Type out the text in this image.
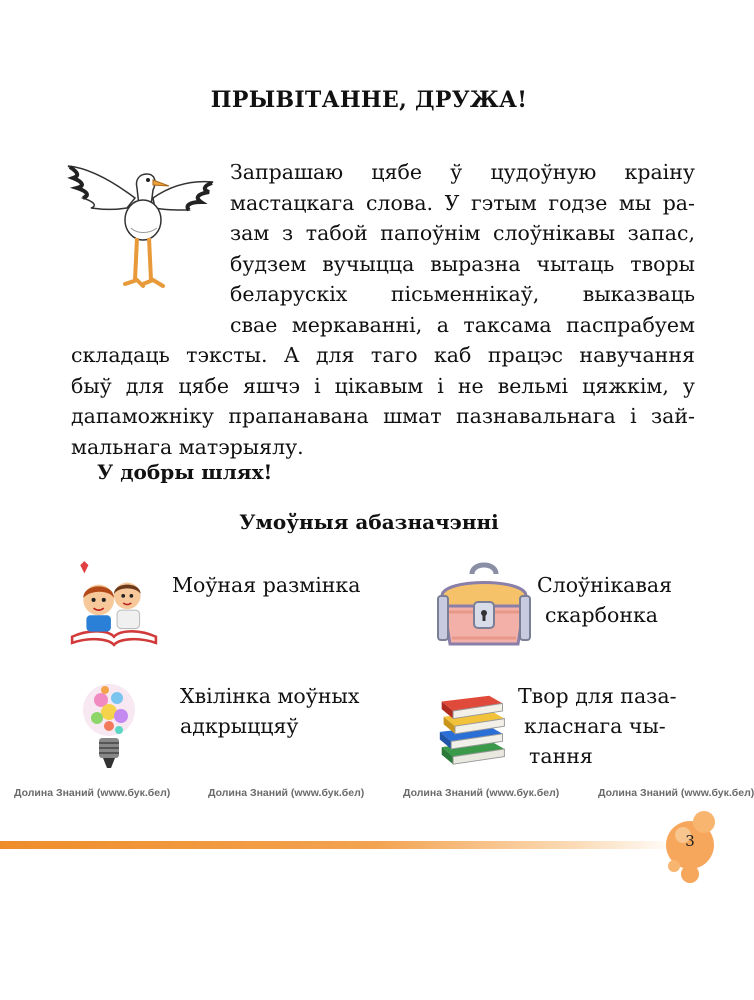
ПРЫВІТАННЕ, ДРУЖА!
Запрашаю цябе ў цудоўную краіну
мастацкага слова. У гэтым годзе мы ра-
зам з табой папоўнім слоўнікавы запас,
будзем вучыцца выразна чытаць творы
беларускіх пісьменнікаў, выказваць
свае меркаванні, а таксама паспрабуем
складаць тэксты. А для таго каб працэс навучання
быў для цябе яшчэ і цікавым і не вельмі цяжкім, у
дапаможніку прапанавана шмат пазнавальнага і зай-
мальнага матэрыялу.
У добры шлях!
Умоўныя абазначэнні
Моўная размінка	Слоўнікавая
скарбонка
Хвілінка моўных
адкрыццяў
Твор для паза-
класнага чы-
тання
Долина Знаний (www.бук.бел)	Долина Знаний (www.бук.бел)	Долина Знаний (www.бук.бел)	Долина Знаний (www.бук.бел)
3
